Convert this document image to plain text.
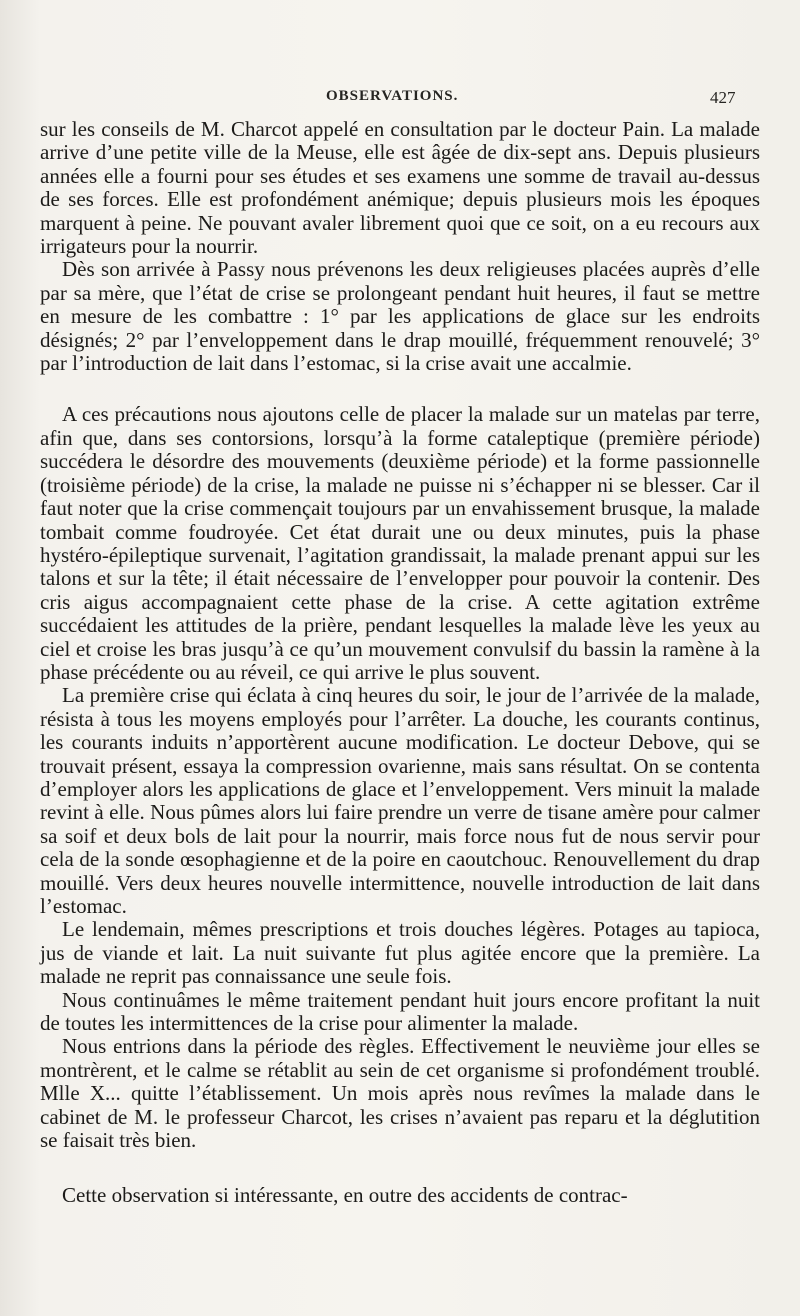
OBSERVATIONS.	427

sur les conseils de M. Charcot appelé en consultation par le docteur Pain. La malade arrive d’une petite ville de la Meuse, elle est âgée de dix-sept ans. Depuis plusieurs années elle a fourni pour ses études et ses examens une somme de travail au-dessus de ses forces. Elle est profondément anémique; depuis plusieurs mois les époques marquent à peine. Ne pouvant avaler librement quoi que ce soit, on a eu recours aux irrigateurs pour la nourrir.

Dès son arrivée à Passy nous prévenons les deux religieuses placées auprès d’elle par sa mère, que l’état de crise se prolongeant pendant huit heures, il faut se mettre en mesure de les combattre : 1° par les applications de glace sur les endroits désignés; 2° par l’enveloppement dans le drap mouillé, fréquemment renouvelé; 3° par l’introduction de lait dans l’estomac, si la crise avait une accalmie.

A ces précautions nous ajoutons celle de placer la malade sur un matelas par terre, afin que, dans ses contorsions, lorsqu’à la forme cataleptique (première période) succédera le désordre des mouvements (deuxième période) et la forme passionnelle (troisième période) de la crise, la malade ne puisse ni s’échapper ni se blesser. Car il faut noter que la crise commençait toujours par un envahissement brusque, la malade tombait comme foudroyée. Cet état durait une ou deux minutes, puis la phase hystéro-épileptique survenait, l’agitation grandissait, la malade prenant appui sur les talons et sur la tête; il était nécessaire de l’envelopper pour pouvoir la contenir. Des cris aigus accompagnaient cette phase de la crise. A cette agitation extrême succédaient les attitudes de la prière, pendant lesquelles la malade lève les yeux au ciel et croise les bras jusqu’à ce qu’un mouvement convulsif du bassin la ramène à la phase précédente ou au réveil, ce qui arrive le plus souvent.

La première crise qui éclata à cinq heures du soir, le jour de l’arrivée de la malade, résista à tous les moyens employés pour l’arrêter. La douche, les courants continus, les courants induits n’apportèrent aucune modification. Le docteur Debove, qui se trouvait présent, essaya la compression ovarienne, mais sans résultat. On se contenta d’employer alors les applications de glace et l’enveloppement. Vers minuit la malade revint à elle. Nous pûmes alors lui faire prendre un verre de tisane amère pour calmer sa soif et deux bols de lait pour la nourrir, mais force nous fut de nous servir pour cela de la sonde œsophagienne et de la poire en caoutchouc. Renouvellement du drap mouillé. Vers deux heures nouvelle intermittence, nouvelle introduction de lait dans l’estomac.

Le lendemain, mêmes prescriptions et trois douches légères. Potages au tapioca, jus de viande et lait. La nuit suivante fut plus agitée encore que la première. La malade ne reprit pas connaissance une seule fois.

Nous continuâmes le même traitement pendant huit jours encore profitant la nuit de toutes les intermittences de la crise pour alimenter la malade.

Nous entrions dans la période des règles. Effectivement le neuvième jour elles se montrèrent, et le calme se rétablit au sein de cet organisme si profondément troublé. Mlle X... quitte l’établissement. Un mois après nous revîmes la malade dans le cabinet de M. le professeur Charcot, les crises n’avaient pas reparu et la déglutition se faisait très bien.

Cette observation si intéressante, en outre des accidents de contrac-
